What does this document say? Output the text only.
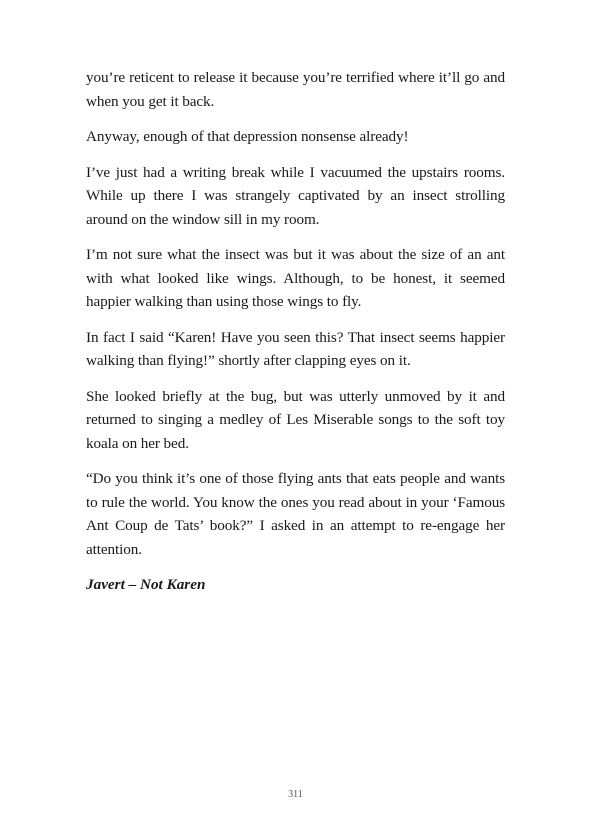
you’re reticent to release it because you’re terrified where it’ll go and when you get it back.

Anyway, enough of that depression nonsense already!

I’ve just had a writing break while I vacuumed the upstairs rooms. While up there I was strangely captivated by an insect strolling around on the window sill in my room.

I’m not sure what the insect was but it was about the size of an ant with what looked like wings. Although, to be honest, it seemed happier walking than using those wings to fly.

In fact I said “Karen! Have you seen this? That insect seems happier walking than flying!” shortly after clapping eyes on it.

She looked briefly at the bug, but was utterly unmoved by it and returned to singing a medley of Les Miserable songs to the soft toy koala on her bed.

“Do you think it’s one of those flying ants that eats people and wants to rule the world. You know the ones you read about in your ‘Famous Ant Coup de Tats’ book?” I asked in an attempt to re-engage her attention.

Javert – Not Karen

311
